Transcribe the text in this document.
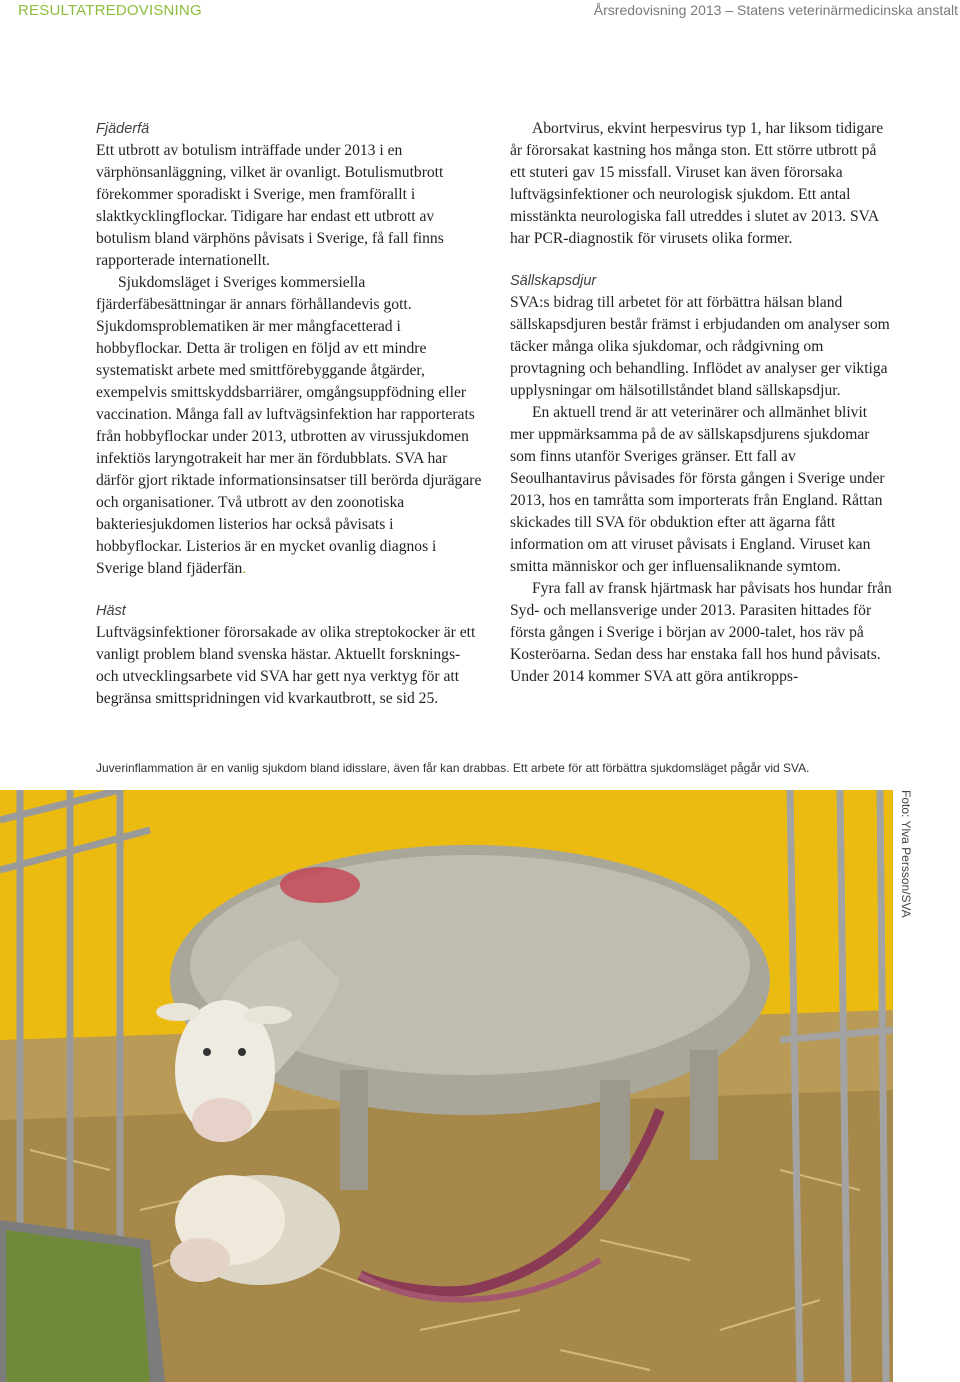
RESULTATREDOVISNING	Årsredovisning 2013 – Statens veterinärmedicinska anstalt

Fjäderfä

Ett utbrott av botulism inträffade under 2013 i en värphönsanläggning, vilket är ovanligt. Botulismutbrott förekommer sporadiskt i Sverige, men framförallt i slaktkycklingflockar. Tidigare har endast ett utbrott av botulism bland värphöns påvisats i Sverige, få fall finns rapporterade internationellt.

Sjukdomsläget i Sveriges kommersiella fjärderfäbesättningar är annars förhållandevis gott. Sjukdomsproblematiken är mer mångfacetterad i hobbyflockar. Detta är troligen en följd av ett mindre systematiskt arbete med smittförebyggande åtgärder, exempelvis smittskyddsbarriärer, omgångsuppfödning eller vaccination. Många fall av luftvägsinfektion har rapporterats från hobbyflockar under 2013, utbrotten av virussjukdomen infektiös laryngotrakeit har mer än fördubblats. SVA har därför gjort riktade informationsinsatser till berörda djurägare och organisationer. Två utbrott av den zoonotiska bakteriesjukdomen listerios har också påvisats i hobbyflockar. Listerios är en mycket ovanlig diagnos i Sverige bland fjäderfän.

Häst

Luftvägsinfektioner förorsakade av olika streptokocker är ett vanligt problem bland svenska hästar. Aktuellt forsknings- och utvecklingsarbete vid SVA har gett nya verktyg för att begränsa smittspridningen vid kvarkautbrott, se sid 25.

Abortvirus, ekvint herpesvirus typ 1, har liksom tidigare år förorsakat kastning hos många ston. Ett större utbrott på ett stuteri gav 15 missfall. Viruset kan även förorsaka luftvägsinfektioner och neurologisk sjukdom. Ett antal misstänkta neurologiska fall utreddes i slutet av 2013. SVA har PCR-diagnostik för virusets olika former.

Sällskapsdjur

SVA:s bidrag till arbetet för att förbättra hälsan bland sällskapsdjuren består främst i erbjudanden om analyser som täcker många olika sjukdomar, och rådgivning om provtagning och behandling. Inflödet av analyser ger viktiga upplysningar om hälsotillståndet bland sällskapsdjur.

En aktuell trend är att veterinärer och allmänhet blivit mer uppmärksamma på de av sällskapsdjurens sjukdomar som finns utanför Sveriges gränser. Ett fall av Seoulhantavirus påvisades för första gången i Sverige under 2013, hos en tamråtta som importerats från England. Råttan skickades till SVA för obduktion efter att ägarna fått information om att viruset påvisats i England. Viruset kan smitta människor och ger influensaliknande symtom.

Fyra fall av fransk hjärtmask har påvisats hos hundar från Syd- och mellansverige under 2013. Parasiten hittades för första gången i Sverige i början av 2000-talet, hos räv på Kosteröarna. Sedan dess har enstaka fall hos hund påvisats. Under 2014 kommer SVA att göra antikropps-

Juverinflammation är en vanlig sjukdom bland idisslare, även får kan drabbas. Ett arbete för att förbättra sjukdomsläget pågår vid SVA.
Foto: Ylva Persson/SVA
